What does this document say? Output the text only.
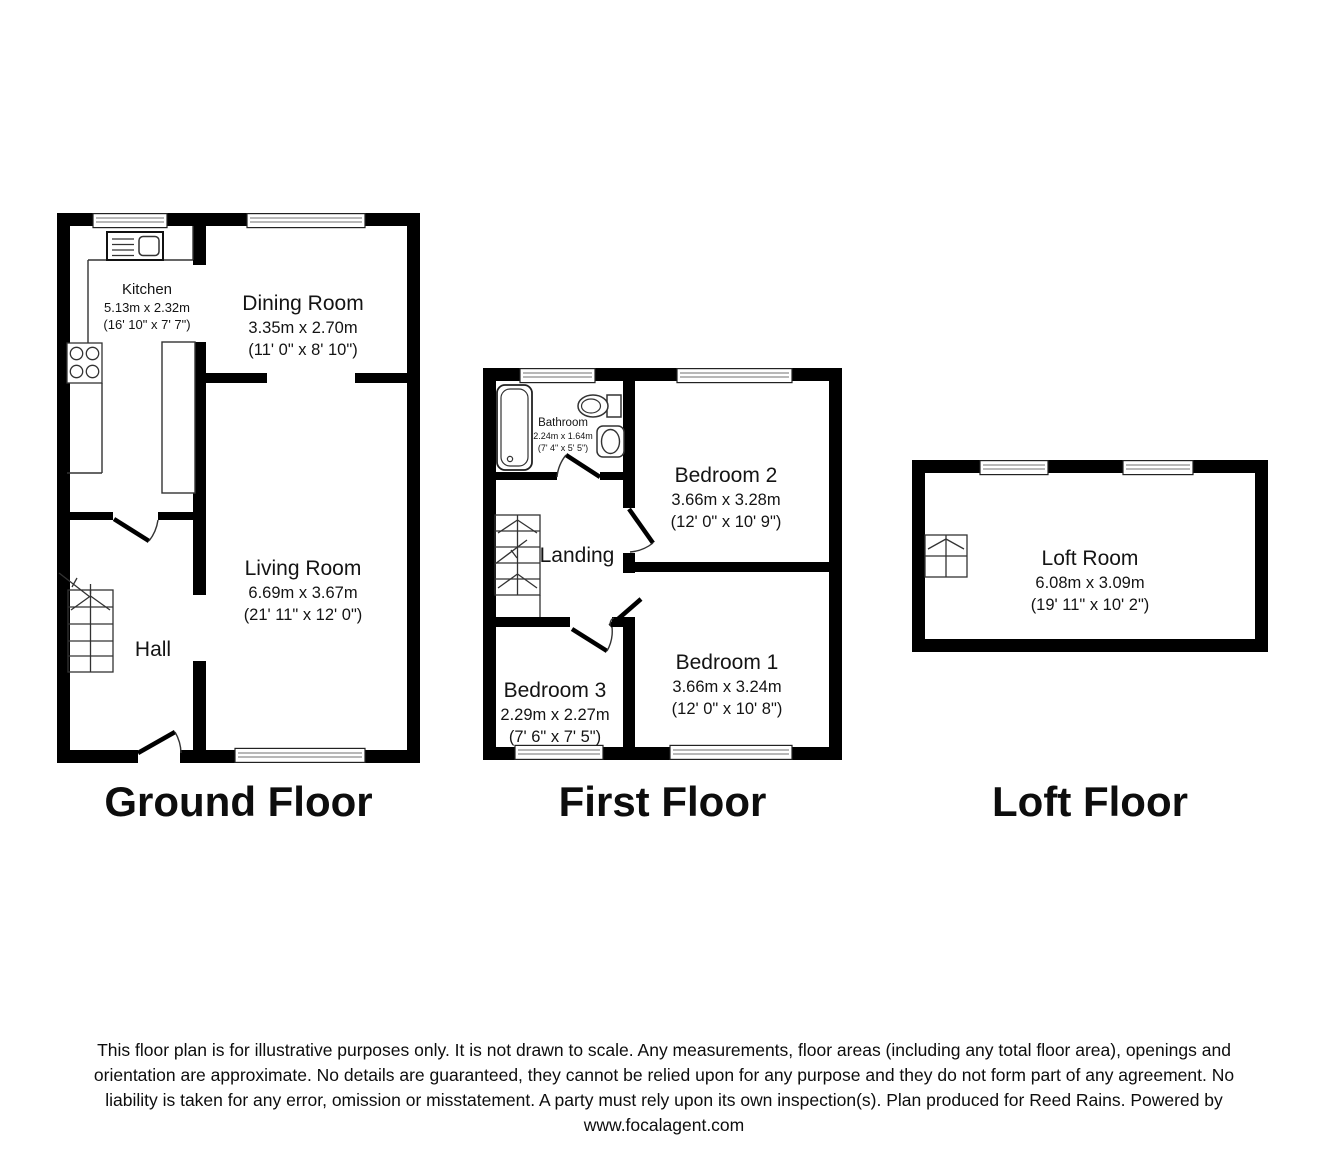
Kitchen
5.13m x 2.32m
(16' 10" x 7' 7")
Dining Room
3.35m x 2.70m
(11' 0" x 8' 10")
Living Room
6.69m x 3.67m
(21' 11" x 12' 0")
Hall
Bathroom
2.24m x 1.64m
(7' 4" x 5' 5")
Bedroom 2
3.66m x 3.28m
(12' 0" x 10' 9")
Landing
Bedroom 3
2.29m x 2.27m
(7' 6" x 7' 5")
Bedroom 1
3.66m x 3.24m
(12' 0" x 10' 8")
Loft Room
6.08m x 3.09m
(19' 11" x 10' 2")
Ground Floor	First Floor	Loft Floor
This floor plan is for illustrative purposes only. It is not drawn to scale. Any measurements, floor areas (including any total floor area), openings and
orientation are approximate. No details are guaranteed, they cannot be relied upon for any purpose and they do not form part of any agreement. No
liability is taken for any error, omission or misstatement. A party must rely upon its own inspection(s). Plan produced for Reed Rains. Powered by
www.focalagent.com
